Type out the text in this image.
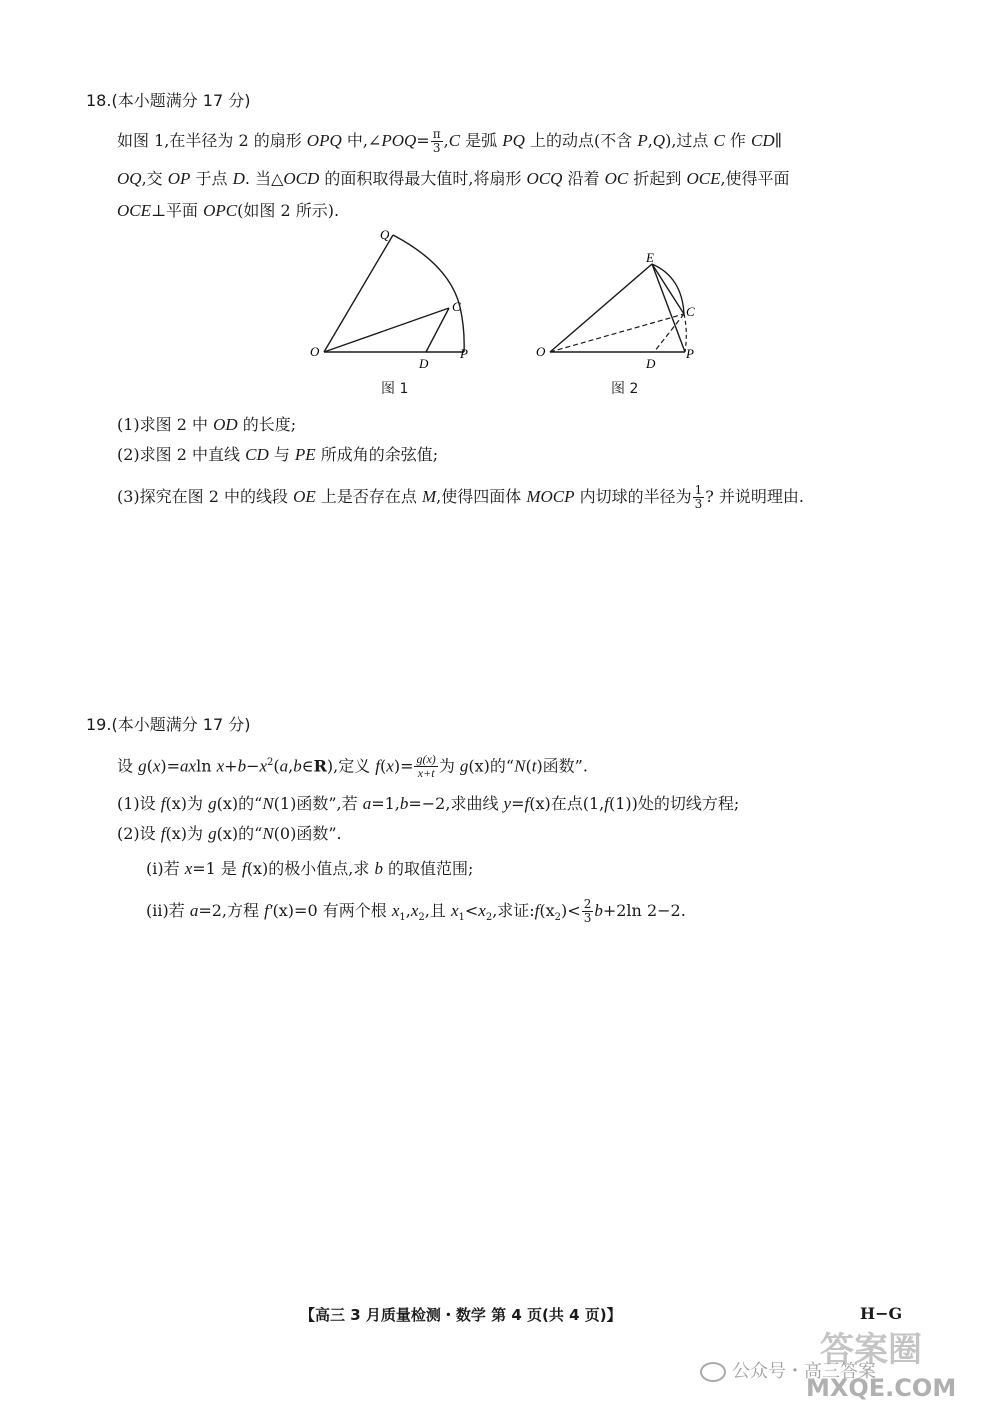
18.(本小题满分 17 分)
如图 1,在半径为 2 的扇形 OPQ 中,∠POQ= $\frac{\pi}{3} ,C$ 是弧 PQ 上的动点(不含 P,Q),过点 C 作 CD∥
OQ,交 OP 于点 D. 当△OCD 的面积取得最大值时,将扇形 OCQ 沿着 OC 折起到 OCE,使得平面
OCE⊥平面 OPC(如图 2 所示).
O
Q
C
D
P
图 1
O
E
C
D
P
图 2
(1)求图 2 中 OD 的长度;
(2)求图 2 中直线 CD 与 PE 所成角的余弦值;
(3)探究在图 2 中的线段 OE 上是否存在点 M,使得四面体 MOCP 内切球的半径为 $\frac{1}{3}$ ? 并说明理由.
19.(本小题满分 17 分)
设 g(x)=axln $x+b-x^2(a,b\in R)$,定义 $f(x)= \frac{g(x)}{x+t}$ 为 g(x)的“N(t)函数”.
(1)设 f(x)为 g(x)的“N(1)函数”,若 a=1,b=−2,求曲线 y=f(x)在点(1,f(1))处的切线方程;
(2)设 f(x)为 g(x)的“N(0)函数”.
(ⅰ)若 x=1 是 f(x)的极小值点,求 b 的取值范围;
(ⅱ)若 a=2,方程 f′(x)=0 有两个根 $x_1,x_2$,且 $x_1<x_2$,求证$:f(x_2)< \frac{2}{3} b+2\ln$ 2−2.
【高三 3 月质量检测・数学 第 4 页(共 4 页)】	H−G
答案圈
公众号・高三答案
MXQE.COM
